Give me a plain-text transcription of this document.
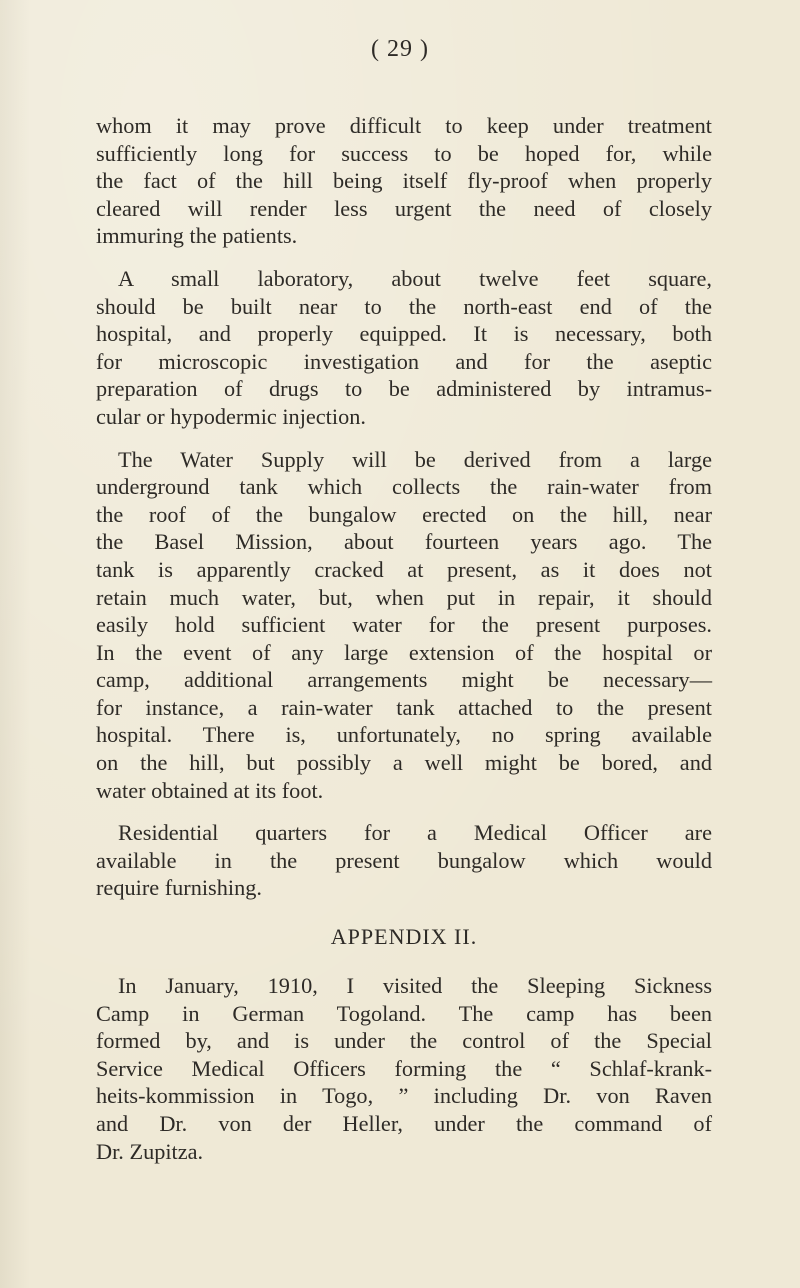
( 29 )
whom it may prove difficult to keep under treatment
sufficiently long for success to be hoped for, while
the fact of the hill being itself fly-proof when properly
cleared will render less urgent the need of closely
immuring the patients.
A small laboratory, about twelve feet square,
should be built near to the north-east end of the
hospital, and properly equipped. It is necessary, both
for microscopic investigation and for the aseptic
preparation of drugs to be administered by intramus-
cular or hypodermic injection.
The Water Supply will be derived from a large
underground tank which collects the rain-water from
the roof of the bungalow erected on the hill, near
the Basel Mission, about fourteen years ago. The
tank is apparently cracked at present, as it does not
retain much water, but, when put in repair, it should
easily hold sufficient water for the present purposes.
In the event of any large extension of the hospital or
camp, additional arrangements might be necessary—
for instance, a rain-water tank attached to the present
hospital. There is, unfortunately, no spring available
on the hill, but possibly a well might be bored, and
water obtained at its foot.
Residential quarters for a Medical Officer are
available in the present bungalow which would
require furnishing.
APPENDIX II.
In January, 1910, I visited the Sleeping Sickness
Camp in German Togoland. The camp has been
formed by, and is under the control of the Special
Service Medical Officers forming the “ Schlaf-krank-
heits-kommission in Togo, ” including Dr. von Raven
and Dr. von der Heller, under the command of
Dr. Zupitza.
